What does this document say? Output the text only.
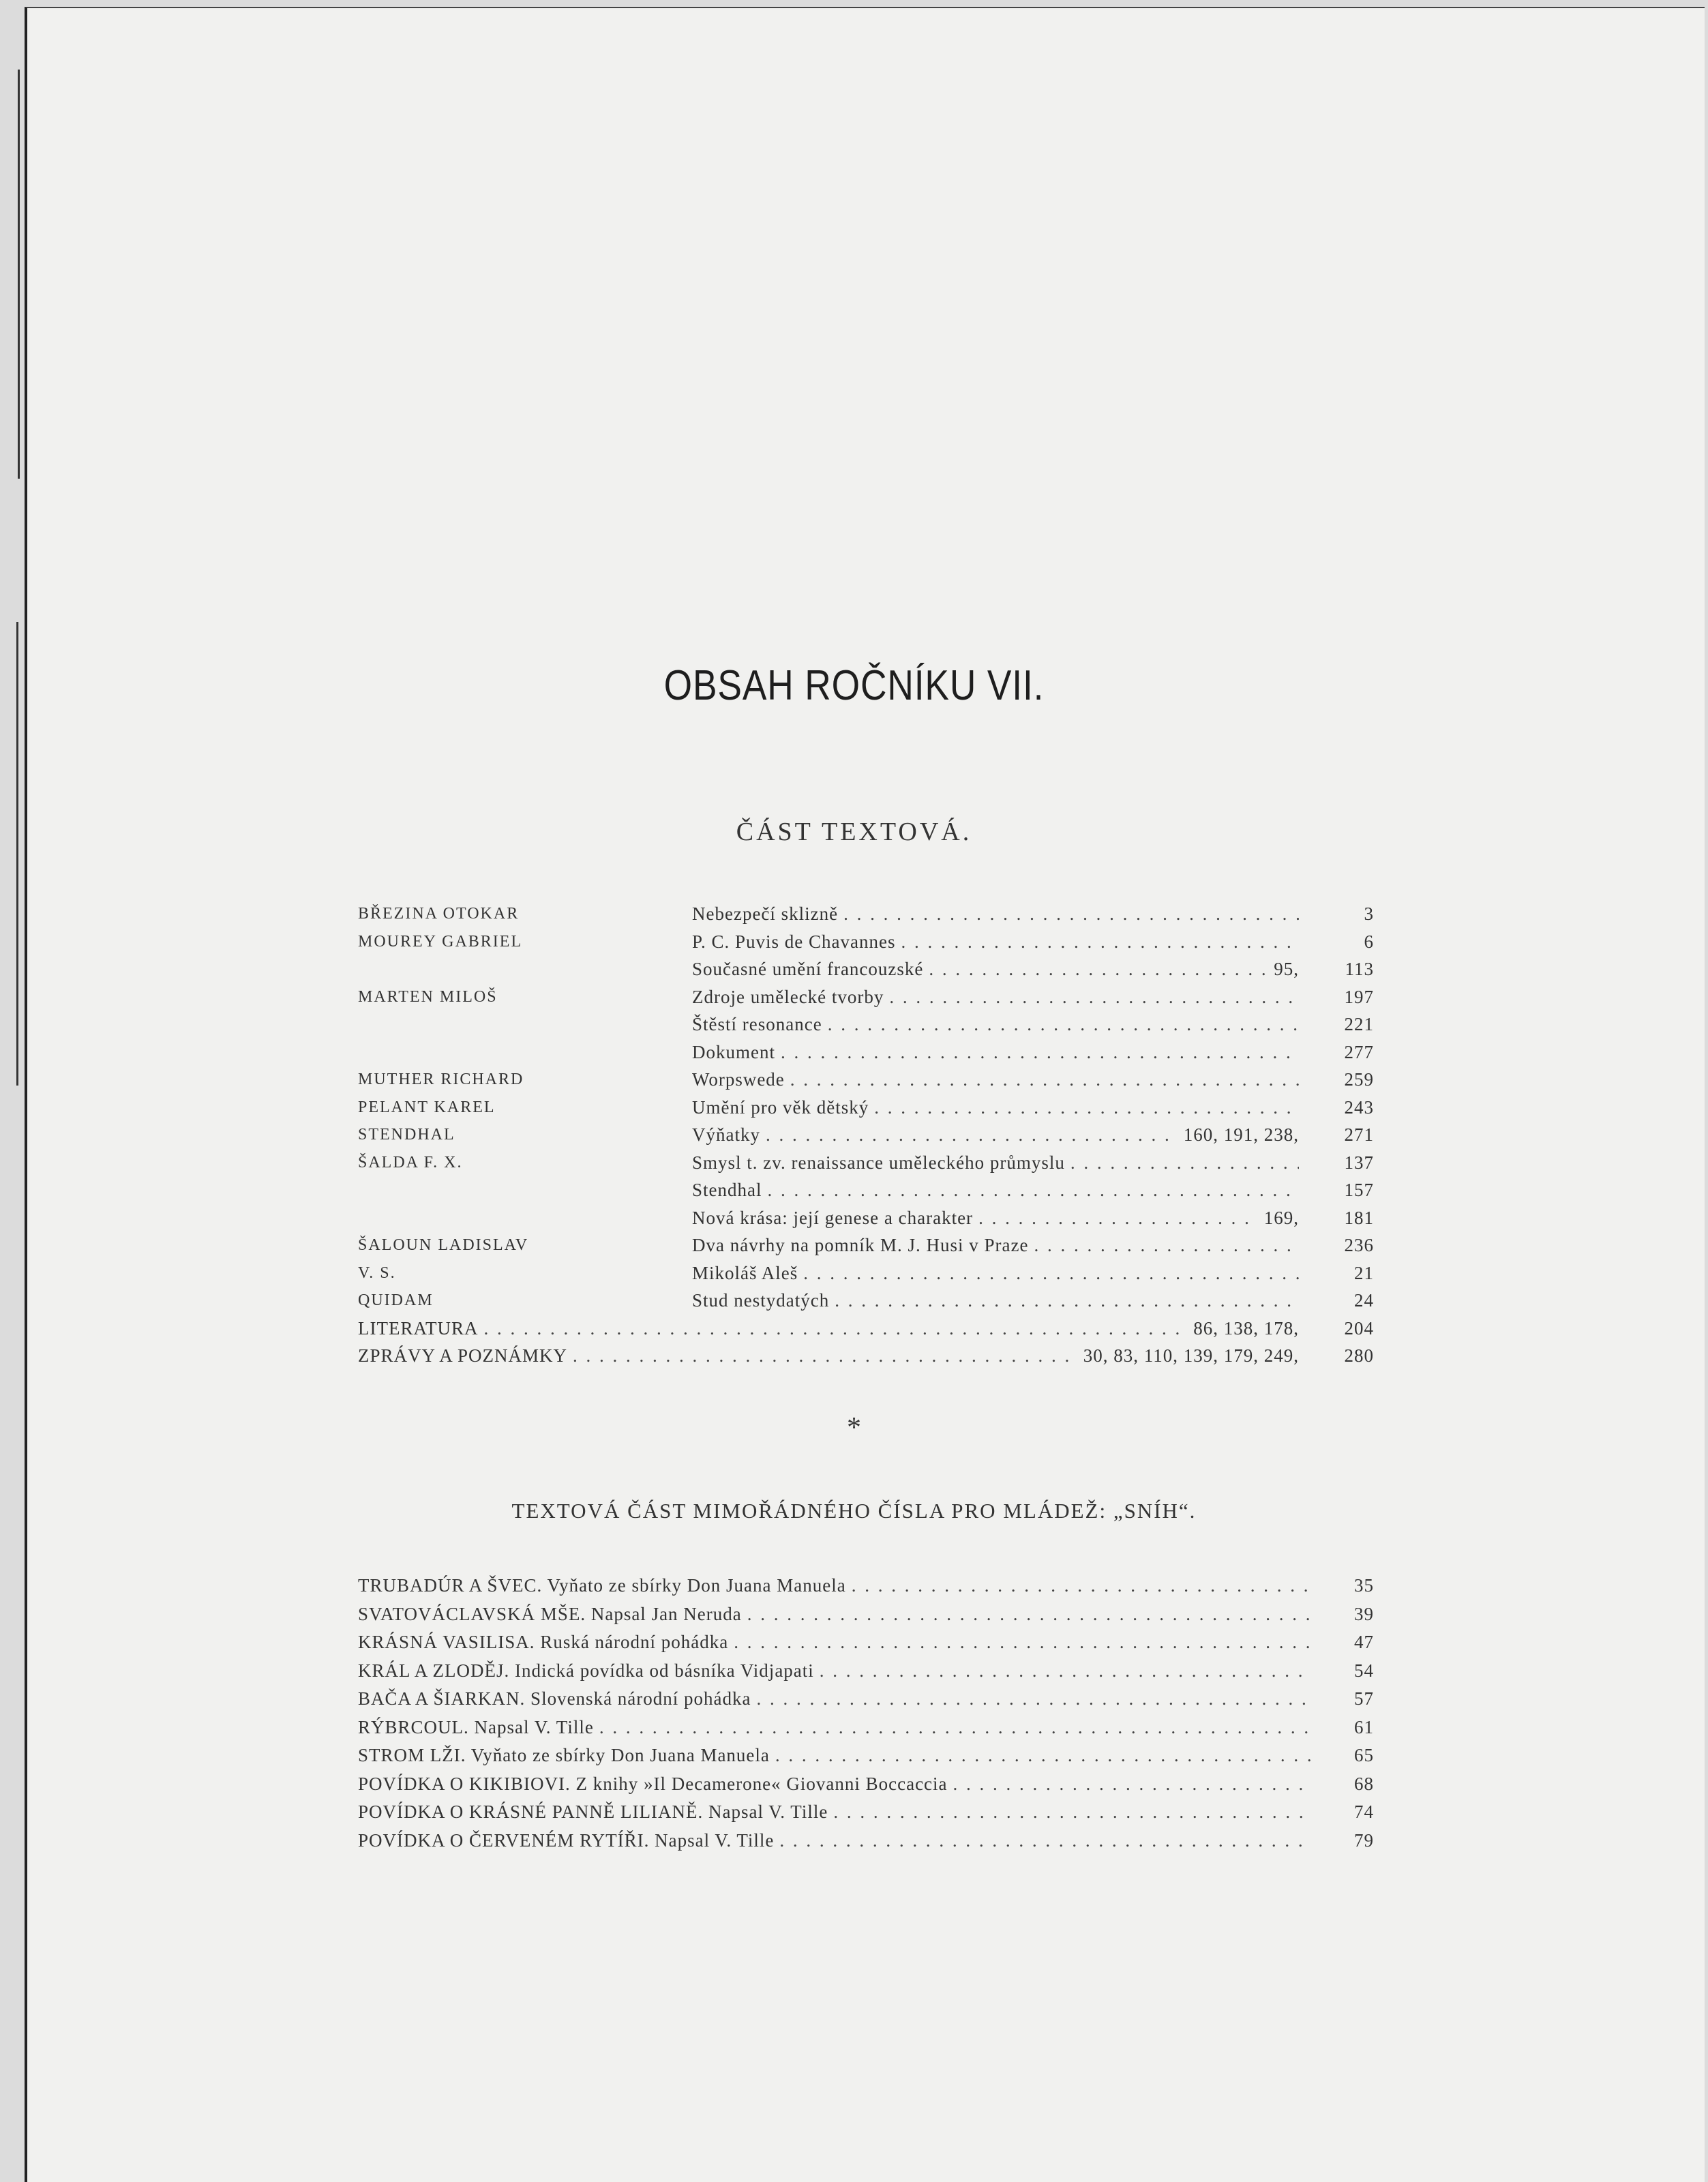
OBSAH ROČNÍKU VII.
ČÁST TEXTOVÁ.
BŘEZINA OTOKAR	Nebezpečí sklizně . . .	3
MOUREY GABRIEL	P. C. Puvis de Chavannes . . .	6
Současné umění francouzské . . .	95,	113
MARTEN MILOŠ	Zdroje umělecké tvorby . . .	197
Štěstí resonance . . .	221
Dokument . . .	277
MUTHER RICHARD	Worpswede . . .	259
PELANT KAREL	Umění pro věk dětský . . .	243
STENDHAL	Výňatky . . .	160, 191, 238,	271
ŠALDA F. X.	Smysl t. zv. renaissance uměleckého průmyslu . . .	137
Stendhal . . .	157
Nová krása: její genese a charakter . . .	169,	181
ŠALOUN LADISLAV	Dva návrhy na pomník M. J. Husi v Praze . . .	236
V. S.	Mikoláš Aleš . . .	21
QUIDAM	Stud nestydatých . . .	24
LITERATURA . . .	86, 138, 178,	204
ZPRÁVY A POZNÁMKY . . .	30, 83, 110, 139, 179, 249,	280
*
TEXTOVÁ ČÁST MIMOŘÁDNÉHO ČÍSLA PRO MLÁDEŽ: „SNÍH“.
TRUBADÚR A ŠVEC. Vyňato ze sbírky Don Juana Manuela . . .	35
SVATOVÁCLAVSKÁ MŠE. Napsal Jan Neruda . . .	39
KRÁSNÁ VASILISA. Ruská národní pohádka . . .	47
KRÁL A ZLODĚJ. Indická povídka od básníka Vidjapati . . .	54
BAČA A ŠIARKAN. Slovenská národní pohádka . . .	57
RÝBRCOUL. Napsal V. Tille . . .	61
STROM LŽI. Vyňato ze sbírky Don Juana Manuela . . .	65
POVÍDKA O KIKIBIOVI. Z knihy »Il Decamerone« Giovanni Boccaccia . . .	68
POVÍDKA O KRÁSNÉ PANNĚ LILIANĚ. Napsal V. Tille . . .	74
POVÍDKA O ČERVENÉM RYTÍŘI. Napsal V. Tille . . .	79
